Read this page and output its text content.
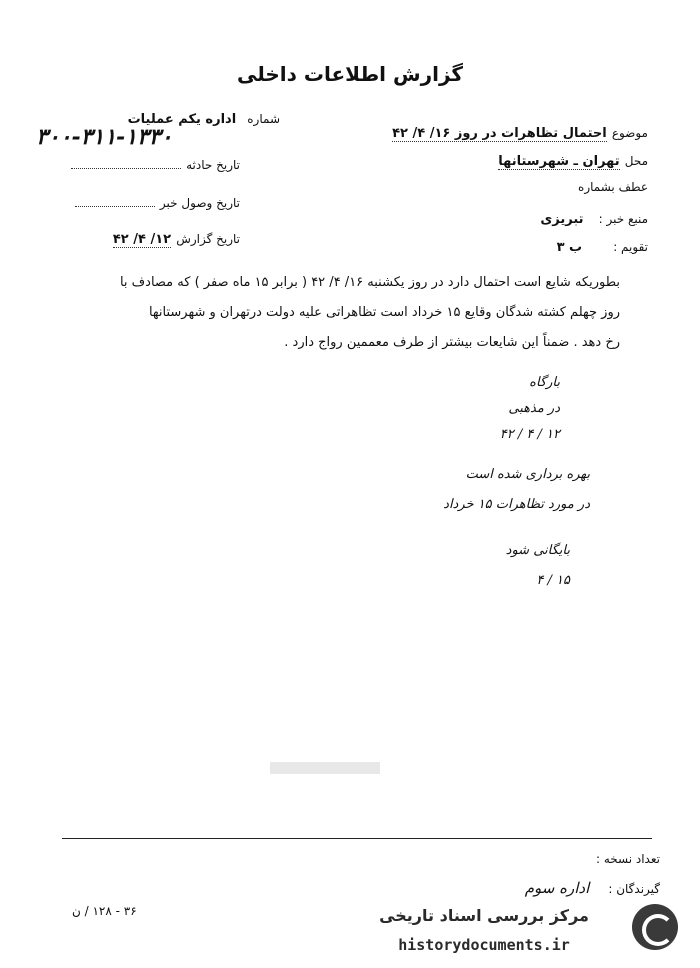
گزارش اطلاعات داخلی
موضوع احتمال تظاهرات در روز ۱۶/ ۴/ ۴۲
محل تهران ـ شهرستانها
عطف بشماره
منبع خبر : تبریزی
تقویم : ب ۳
شماره اداره یکم عملیات
۳۰۰-۳۱۱-۱۳۳۰
تاریخ حادثه
تاریخ وصول خبر
تاریخ گزارش ۱۲/ ۴/ ۴۲
بطوریکه شایع است احتمال دارد در روز یکشنبه ۱۶/ ۴/ ۴۲ ( برابر ۱۵ ماه صفر ) که مصادف با
روز چهلم کشته شدگان وقایع ۱۵ خرداد است تظاهراتی علیه دولت درتهران و شهرستانها
رخ دهد . ضمناً این شایعات بیشتر از طرف معممین رواج دارد .
بارگاه
در مذهبی
۱۲ / ۴ / ۴۲
بهره برداری شده است
در مورد تظاهرات ۱۵ خرداد
بایگانی شود
۱۵ / ۴
تعداد نسخه :
گیرندگان : اداره سوم
۳۶ - ۱۲۸ / ن	مرکز بررسی اسناد تاریخی
historydocuments.ir
